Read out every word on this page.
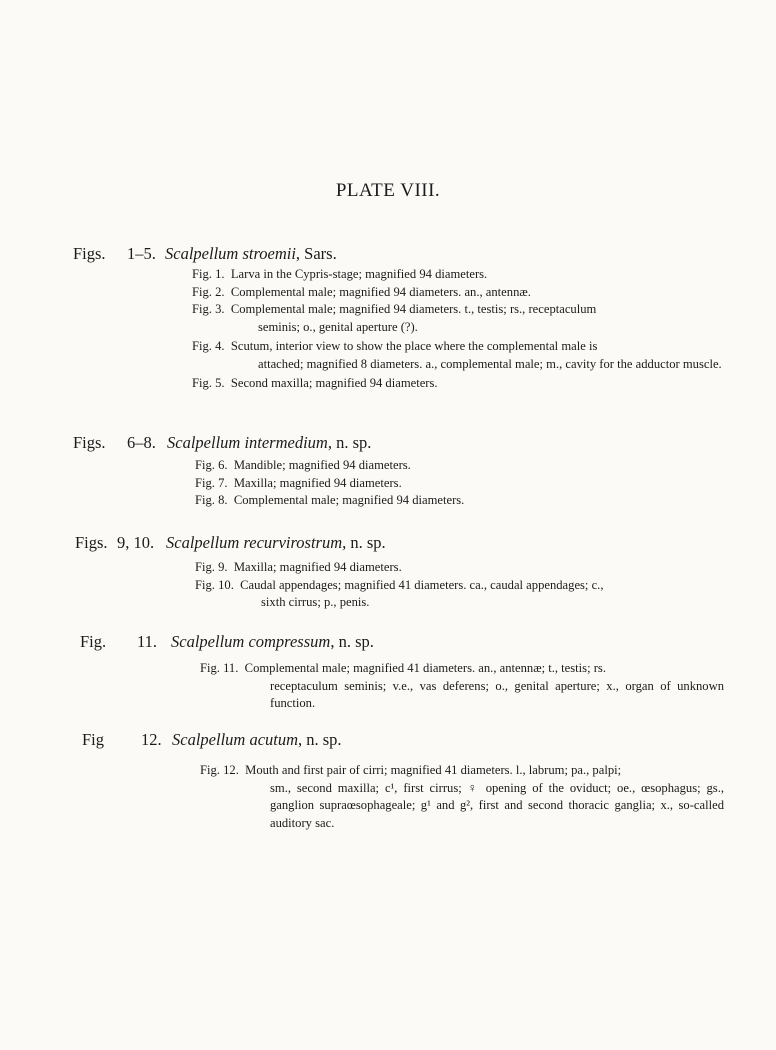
PLATE VIII.
Figs. 1–5. Scalpellum stroemii, Sars.

Fig. 1. Larva in the Cypris-stage; magnified 94 diameters.

Fig. 2. Complemental male; magnified 94 diameters. an., antennæ.

Fig. 3. Complemental male; magnified 94 diameters. t., testis; rs., receptaculum
seminis; o., genital aperture (?).

Fig. 4. Scutum, interior view to show the place where the complemental male is
attached; magnified 8 diameters. a., complemental male; m., cavity for the adductor muscle.

Fig. 5. Second maxilla; magnified 94 diameters.

Figs. 6–8. Scalpellum intermedium, n. sp.

Fig. 6. Mandible; magnified 94 diameters.

Fig. 7. Maxilla; magnified 94 diameters.

Fig. 8. Complemental male; magnified 94 diameters.

Figs. 9, 10. Scalpellum recurvirostrum, n. sp.

Fig. 9. Maxilla; magnified 94 diameters.

Fig. 10. Caudal appendages; magnified 41 diameters. ca., caudal appendages; c.,
sixth cirrus; p., penis.

Fig. 11. Scalpellum compressum, n. sp.

Fig. 11. Complemental male; magnified 41 diameters. an., antennæ; t., testis; rs.
receptaculum seminis; v.e., vas deferens; o., genital aperture; x., organ of unknown function.

Fig 12. Scalpellum acutum, n. sp.

Fig. 12. Mouth and first pair of cirri; magnified 41 diameters. l., labrum; pa., palpi;
sm., second maxilla; c¹, first cirrus; ♀ opening of the oviduct; oe., œsophagus; gs., ganglion supraœsophageale; g¹ and g², first and second thoracic ganglia; x., so-called auditory sac.
